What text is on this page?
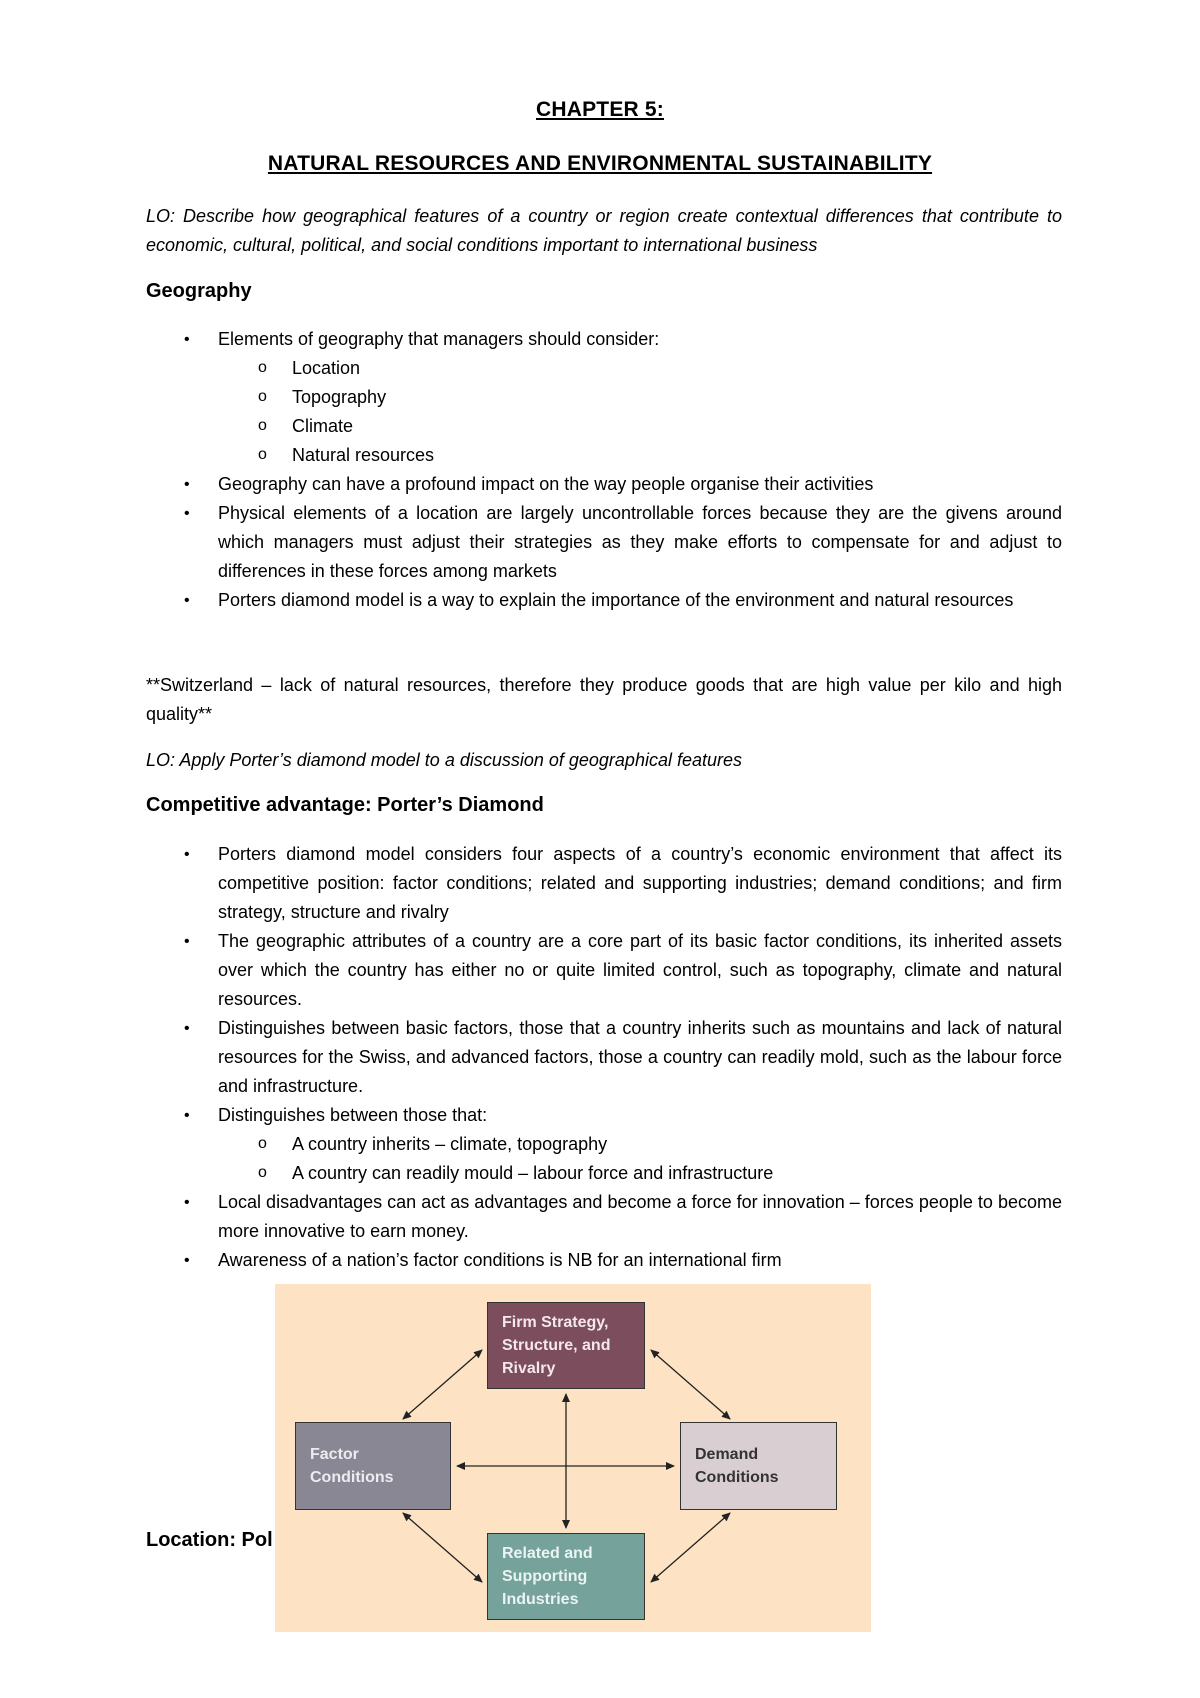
CHAPTER 5:
NATURAL RESOURCES AND ENVIRONMENTAL SUSTAINABILITY
LO: Describe how geographical features of a country or region create contextual differences that contribute to economic, cultural, political, and social conditions important to international business
Geography
• Elements of geography that managers should consider:
o Location
o Topography
o Climate
o Natural resources
• Geography can have a profound impact on the way people organise their activities
• Physical elements of a location are largely uncontrollable forces because they are the givens around which managers must adjust their strategies as they make efforts to compensate for and adjust to differences in these forces among markets
• Porters diamond model is a way to explain the importance of the environment and natural resources
**Switzerland – lack of natural resources, therefore they produce goods that are high value per kilo and high quality**
LO: Apply Porter’s diamond model to a discussion of geographical features
Competitive advantage: Porter’s Diamond
• Porters diamond model considers four aspects of a country’s economic environment that affect its competitive position: factor conditions; related and supporting industries; demand conditions; and firm strategy, structure and rivalry
• The geographic attributes of a country are a core part of its basic factor conditions, its inherited assets over which the country has either no or quite limited control, such as topography, climate and natural resources.
• Distinguishes between basic factors, those that a country inherits such as mountains and lack of natural resources for the Swiss, and advanced factors, those a country can readily mold, such as the labour force and infrastructure.
• Distinguishes between those that:
o A country inherits – climate, topography
o A country can readily mould – labour force and infrastructure
• Local disadvantages can act as advantages and become a force for innovation – forces people to become more innovative to earn money.
• Awareness of a nation’s factor conditions is NB for an international firm
Location: Pol
Firm Strategy, Structure, and Rivalry
Factor Conditions
Demand Conditions
Related and Supporting Industries
